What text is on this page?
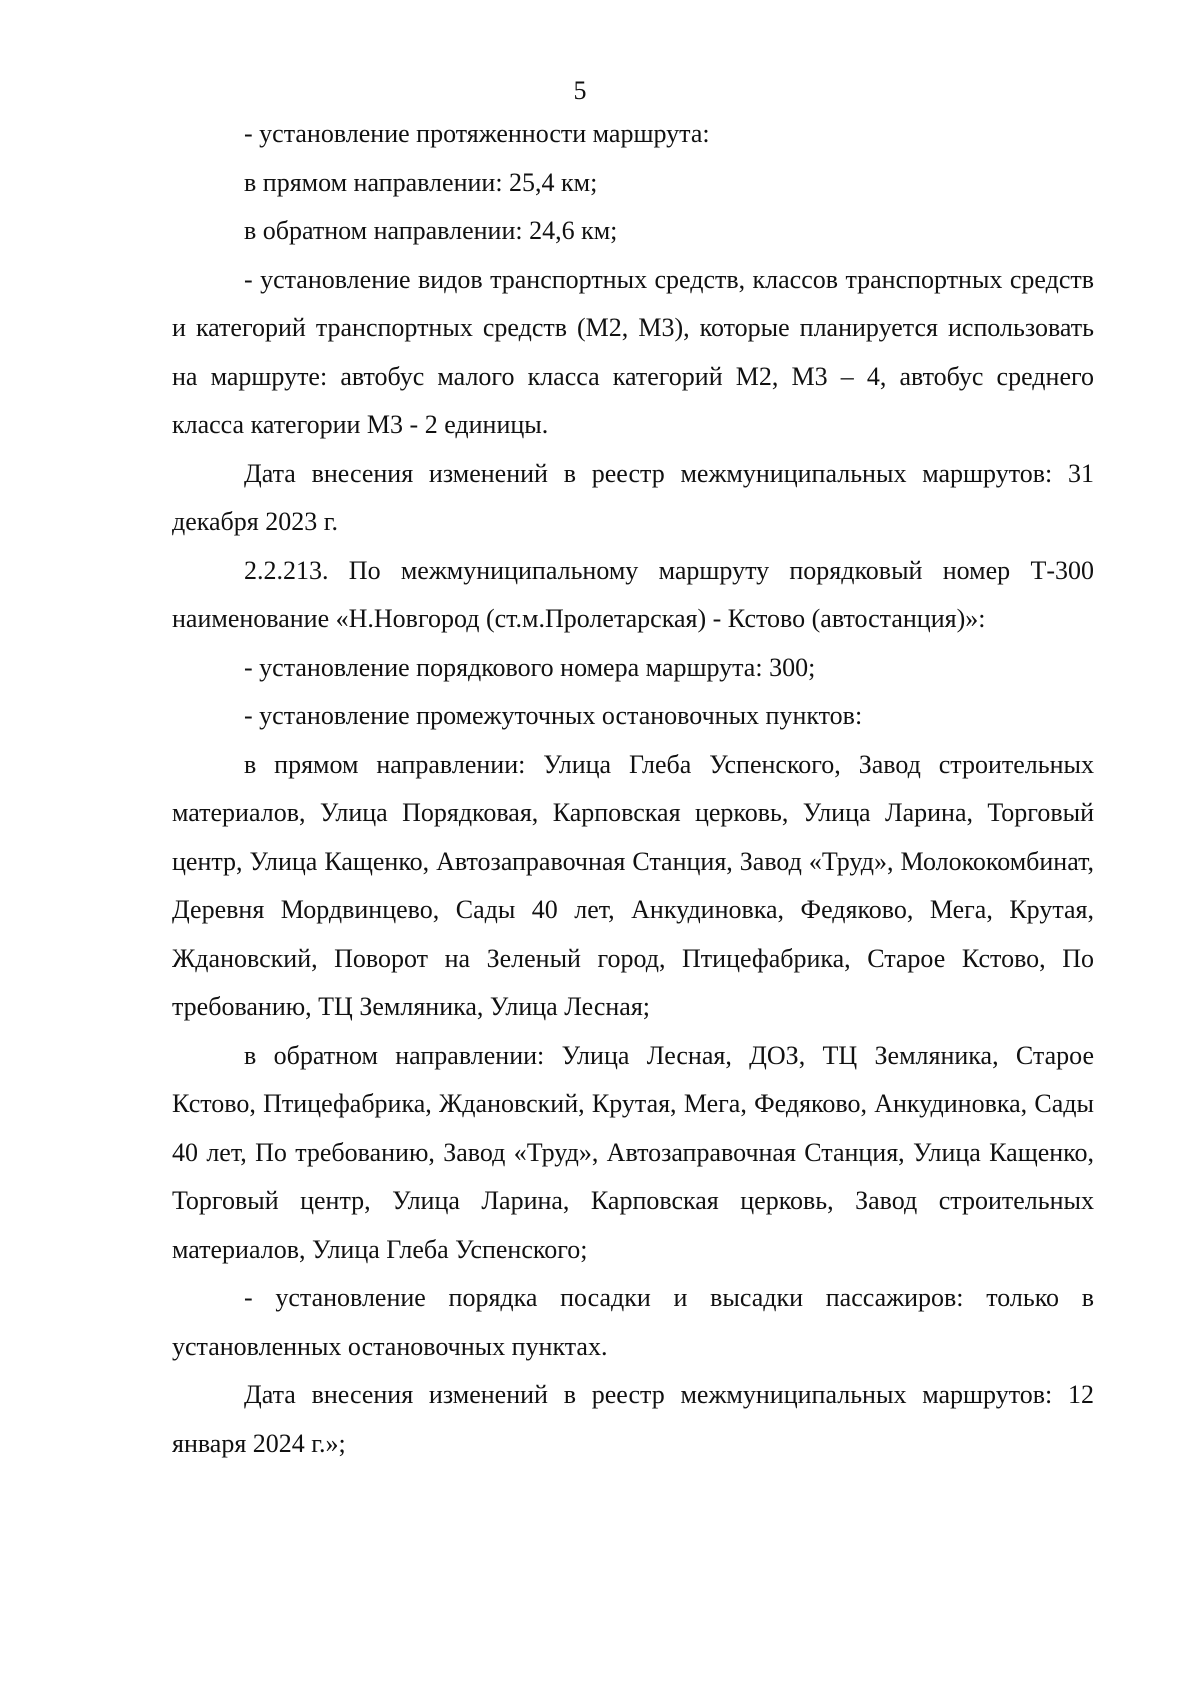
5

- установление протяженности маршрута:

в прямом направлении: 25,4 км;

в обратном направлении: 24,6 км;

- установление видов транспортных средств, классов транспортных средств и категорий транспортных средств (М2, М3), которые планируется использовать на маршруте: автобус малого класса категорий М2, М3 – 4, автобус среднего класса категории М3 - 2 единицы.

Дата внесения изменений в реестр межмуниципальных маршрутов: 31 декабря 2023 г.

2.2.213. По межмуниципальному маршруту порядковый номер Т-300 наименование «Н.Новгород (ст.м.Пролетарская) - Кстово (автостанция)»:

- установление порядкового номера маршрута: 300;

- установление промежуточных остановочных пунктов:

в прямом направлении: Улица Глеба Успенского, Завод строительных материалов, Улица Порядковая, Карповская церковь, Улица Ларина, Торговый центр, Улица Кащенко, Автозаправочная Станция, Завод «Труд», Молококомбинат, Деревня Мордвинцево, Сады 40 лет, Анкудиновка, Федяково, Мега, Крутая, Ждановский, Поворот на Зеленый город, Птицефабрика, Старое Кстово, По требованию, ТЦ Земляника, Улица Лесная;

в обратном направлении: Улица Лесная, ДОЗ, ТЦ Земляника, Старое Кстово, Птицефабрика, Ждановский, Крутая, Мега, Федяково, Анкудиновка, Сады 40 лет, По требованию, Завод «Труд», Автозаправочная Станция, Улица Кащенко, Торговый центр, Улица Ларина, Карповская церковь, Завод строительных материалов, Улица Глеба Успенского;

- установление порядка посадки и высадки пассажиров: только в установленных остановочных пунктах.

Дата внесения изменений в реестр межмуниципальных маршрутов: 12 января 2024 г.»;
